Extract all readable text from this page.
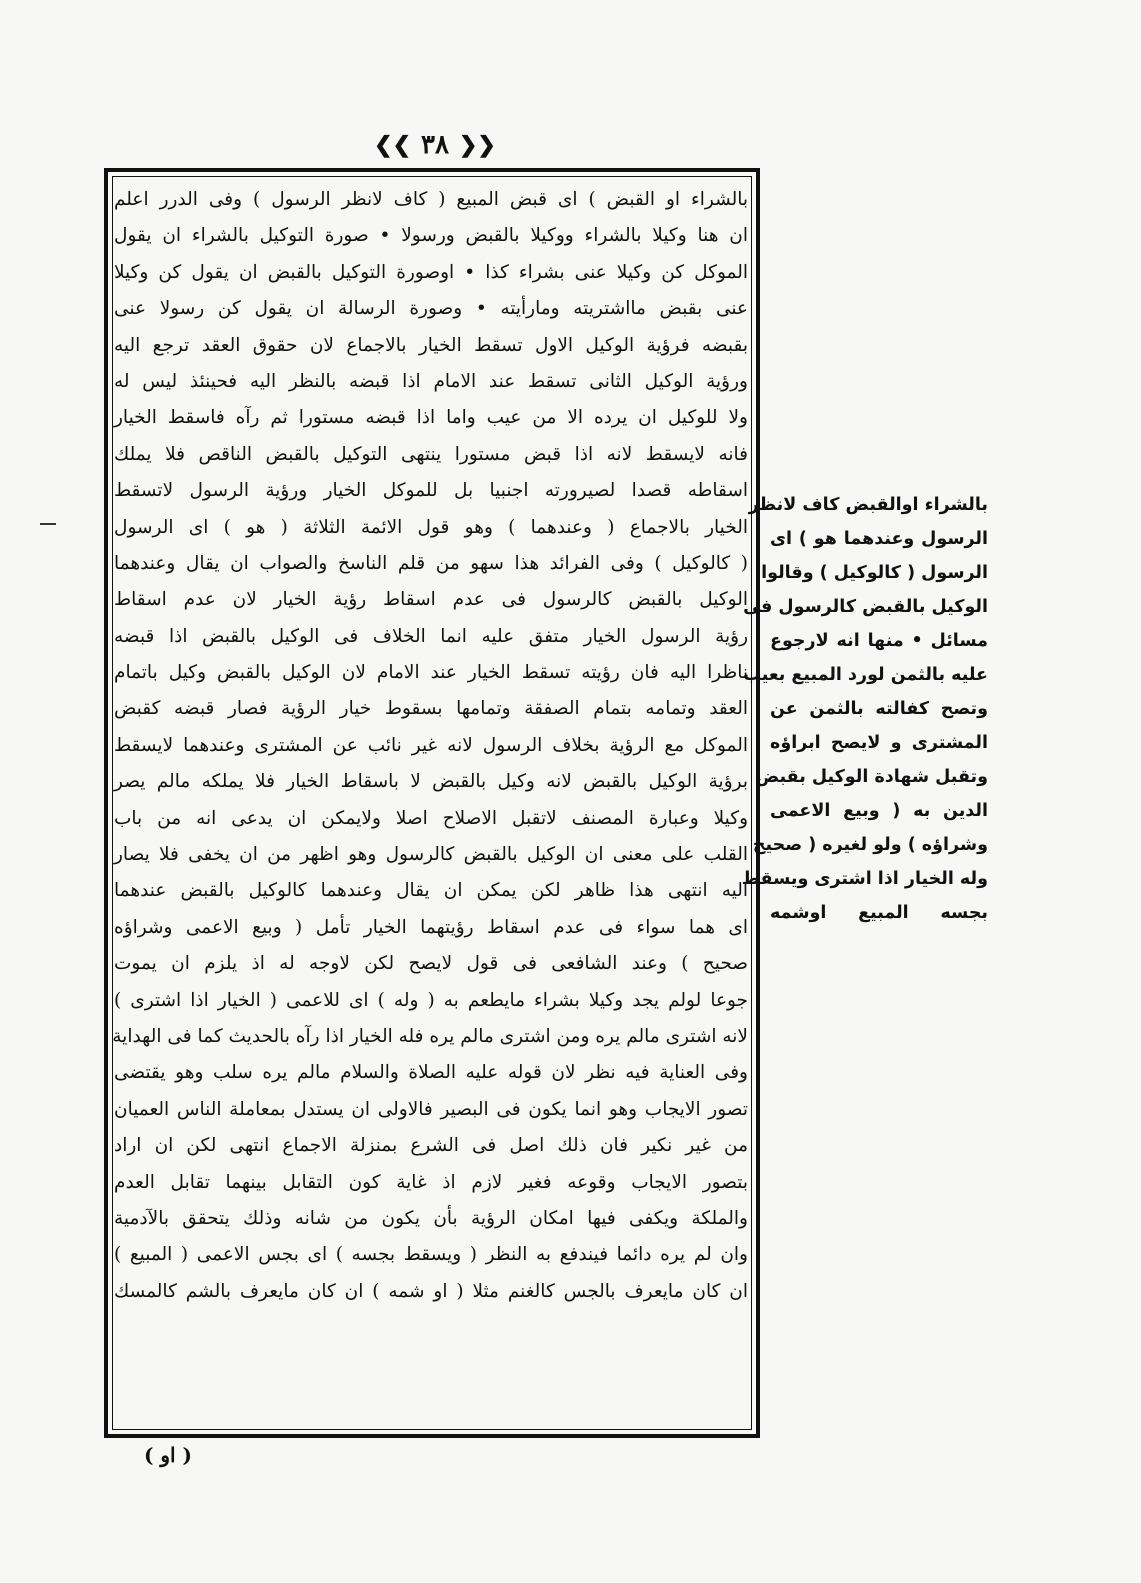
❮❮ ٣٨ ❯❯
بالشراء او القبض ) اى قبض المبيع ( كاف لانظر الرسول ) وفى الدرر اعلم
ان هنا وكيلا بالشراء ووكيلا بالقبض ورسولا • صورة التوكيل بالشراء ان يقول
الموكل كن وكيلا عنى بشراء كذا • اوصورة التوكيل بالقبض ان يقول كن وكيلا
عنى بقبض مااشتريته ومارأيته • وصورة الرسالة ان يقول كن رسولا عنى
بقبضه فرؤية الوكيل الاول تسقط الخيار بالاجماع لان حقوق العقد ترجع اليه
ورؤية الوكيل الثانى تسقط عند الامام اذا قبضه بالنظر اليه فحينئذ ليس له
ولا للوكيل ان يرده الا من عيب واما اذا قبضه مستورا ثم رآه فاسقط الخيار
فانه لايسقط لانه اذا قبض مستورا ينتهى التوكيل بالقبض الناقص فلا يملك
اسقاطه قصدا لصيرورته اجنبيا بل للموكل الخيار ورؤية الرسول لاتسقط
الخيار بالاجماع ( وعندهما ) وهو قول الائمة الثلاثة ( هو ) اى الرسول
( كالوكيل ) وفى الفرائد هذا سهو من قلم الناسخ والصواب ان يقال وعندهما
الوكيل بالقبض كالرسول فى عدم اسقاط رؤية الخيار لان عدم اسقاط
رؤية الرسول الخيار متفق عليه انما الخلاف فى الوكيل بالقبض اذا قبضه
ناظرا اليه فان رؤيته تسقط الخيار عند الامام لان الوكيل بالقبض وكيل باتمام
العقد وتمامه بتمام الصفقة وتمامها بسقوط خيار الرؤية فصار قبضه كقبض
الموكل مع الرؤية بخلاف الرسول لانه غير نائب عن المشترى وعندهما لايسقط
برؤية الوكيل بالقبض لانه وكيل بالقبض لا باسقاط الخيار فلا يملكه مالم يصر
وكيلا وعبارة المصنف لاتقبل الاصلاح اصلا ولايمكن ان يدعى انه من باب
القلب على معنى ان الوكيل بالقبض كالرسول وهو اظهر من ان يخفى فلا يصار
اليه انتهى هذا ظاهر لكن يمكن ان يقال وعندهما كالوكيل بالقبض عندهما
اى هما سواء فى عدم اسقاط رؤيتهما الخيار تأمل ( وبيع الاعمى وشراؤه
صحيح ) وعند الشافعى فى قول لايصح لكن لاوجه له اذ يلزم ان يموت
جوعا لولم يجد وكيلا بشراء مايطعم به ( وله ) اى للاعمى ( الخيار اذا اشترى )
لانه اشترى مالم يره ومن اشترى مالم يره فله الخيار اذا رآه بالحديث كما فى الهداية
وفى العناية فيه نظر لان قوله عليه الصلاة والسلام مالم يره سلب وهو يقتضى
تصور الايجاب وهو انما يكون فى البصير فالاولى ان يستدل بمعاملة الناس العميان
من غير نكير فان ذلك اصل فى الشرع بمنزلة الاجماع انتهى لكن ان اراد
بتصور الايجاب وقوعه فغير لازم اذ غاية كون التقابل بينهما تقابل العدم
والملكة ويكفى فيها امكان الرؤية بأن يكون من شانه وذلك يتحقق بالآدمية
وان لم يره دائما فيندفع به النظر ( ويسقط بجسه ) اى بجس الاعمى ( المبيع )
ان كان مايعرف بالجس كالغنم مثلا ( او شمه ) ان كان مايعرف بالشم كالمسك
بالشراء اوالقبض كاف لانظر
الرسول وعندهما هو ) اى
الرسول ( كالوكيل ) وقالوا
الوكيل بالقبض كالرسول فى
مسائل • منها انه لارجوع
عليه بالثمن لورد المبيع بعيب
وتصح كفالته بالثمن عن
المشترى و لايصح ابراؤه
وتقبل شهادة الوكيل بقبض
الدين به ( وبيع الاعمى
وشراؤه ) ولو لغيره ( صحيح
وله الخيار اذا اشترى ويسقط
بجسه المبيع اوشمه
( او )
